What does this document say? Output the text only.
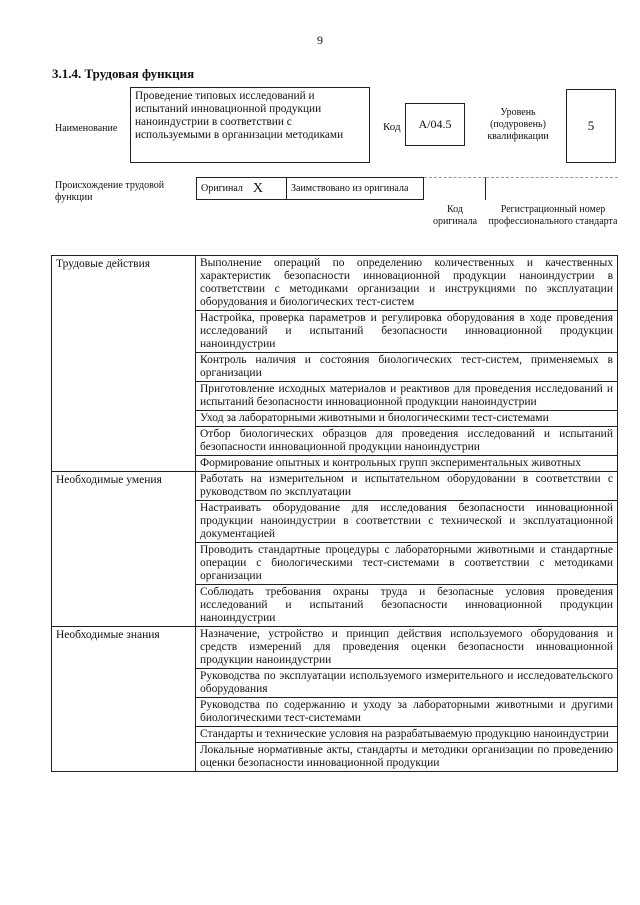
9
3.1.4. Трудовая функция
Наименование
Проведение типовых исследований и испытаний инновационной продукции наноиндустрии в соответствии с используемыми в организации методиками
Код А/04.5
Уровень (подуровень) квалификации
5
Происхождение трудовой функции
Оригинал X	Заимствовано из оригинала
Код оригинала
Регистрационный номер профессионального стандарта
Трудовые действия	Выполнение операций по определению количественных и качественных характеристик безопасности инновационной продукции наноиндустрии в соответствии с методиками организации и инструкциями по эксплуатации оборудования и биологических тест-систем
	Настройка, проверка параметров и регулировка оборудования в ходе проведения исследований и испытаний безопасности инновационной продукции наноиндустрии
	Контроль наличия и состояния биологических тест-систем, применяемых в организации
	Приготовление исходных материалов и реактивов для проведения исследований и испытаний безопасности инновационной продукции наноиндустрии
	Уход за лабораторными животными и биологическими тест-системами
	Отбор биологических образцов для проведения исследований и испытаний безопасности инновационной продукции наноиндустрии
	Формирование опытных и контрольных групп экспериментальных животных
Необходимые умения	Работать на измерительном и испытательном оборудовании в соответствии с руководством по эксплуатации
	Настраивать оборудование для исследования безопасности инновационной продукции наноиндустрии в соответствии с технической и эксплуатационной документацией
	Проводить стандартные процедуры с лабораторными животными и стандартные операции с биологическими тест-системами в соответствии с методиками организации
	Соблюдать требования охраны труда и безопасные условия проведения исследований и испытаний безопасности инновационной продукции наноиндустрии
Необходимые знания	Назначение, устройство и принцип действия используемого оборудования и средств измерений для проведения оценки безопасности инновационной продукции наноиндустрии
	Руководства по эксплуатации используемого измерительного и исследовательского оборудования
	Руководства по содержанию и уходу за лабораторными животными и другими биологическими тест-системами
	Стандарты и технические условия на разрабатываемую продукцию наноиндустрии
	Локальные нормативные акты, стандарты и методики организации по проведению оценки безопасности инновационной продукции
